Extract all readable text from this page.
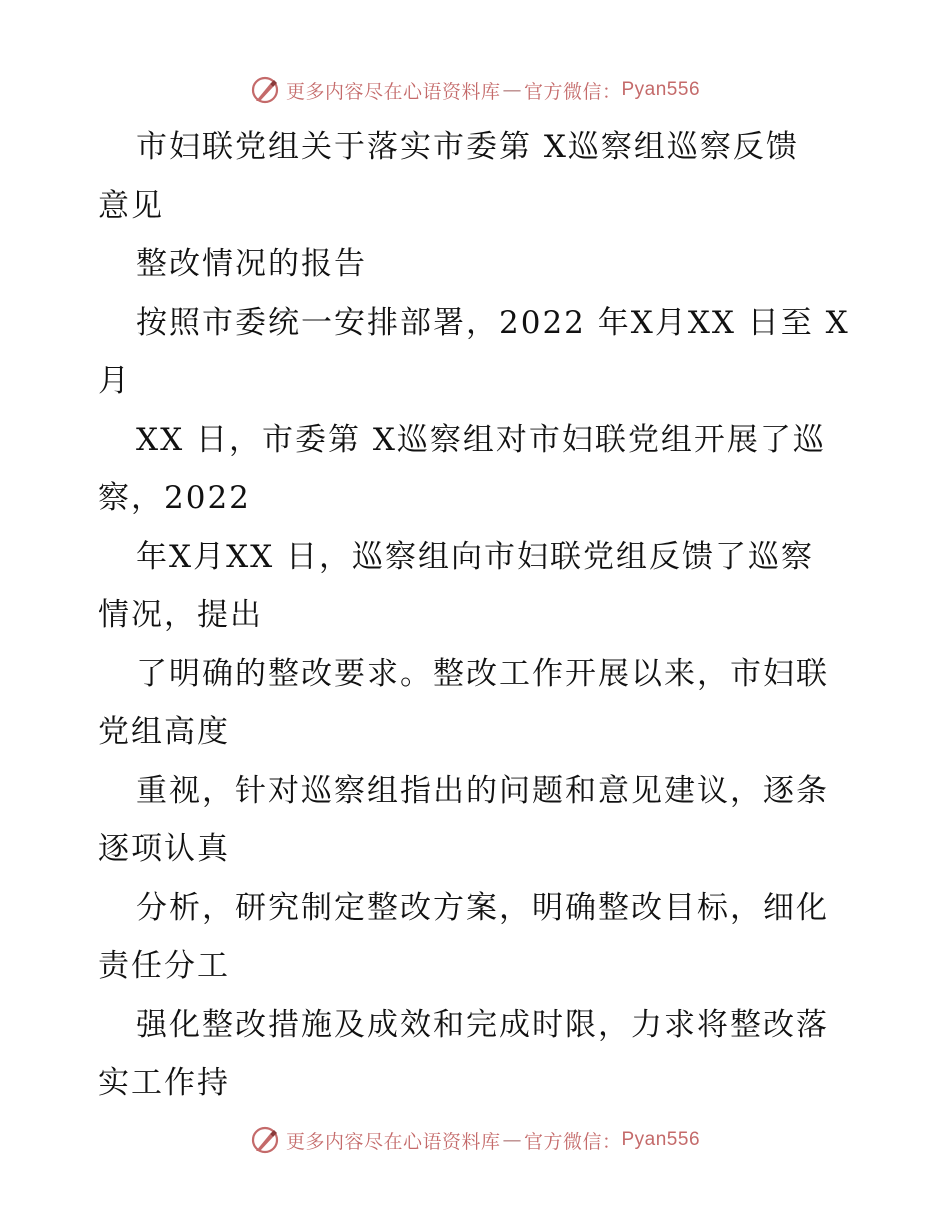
更多内容尽在心语资料库 — 官方微信： Pyan556
市妇联党组关于落实市委第 X巡察组巡察反馈
意见
整改情况的报告
按照市委统一安排部署，2022 年X月XX 日至 X
月
XX 日，市委第 X巡察组对市妇联党组开展了巡
察，2022
年X月XX 日，巡察组向市妇联党组反馈了巡察
情况，提出
了明确的整改要求。整改工作开展以来，市妇联
党组高度
重视，针对巡察组指出的问题和意见建议，逐条
逐项认真
分析，研究制定整改方案，明确整改目标，细化
责任分工
强化整改措施及成效和完成时限，力求将整改落
实工作持
更多内容尽在心语资料库 — 官方微信： Pyan556
